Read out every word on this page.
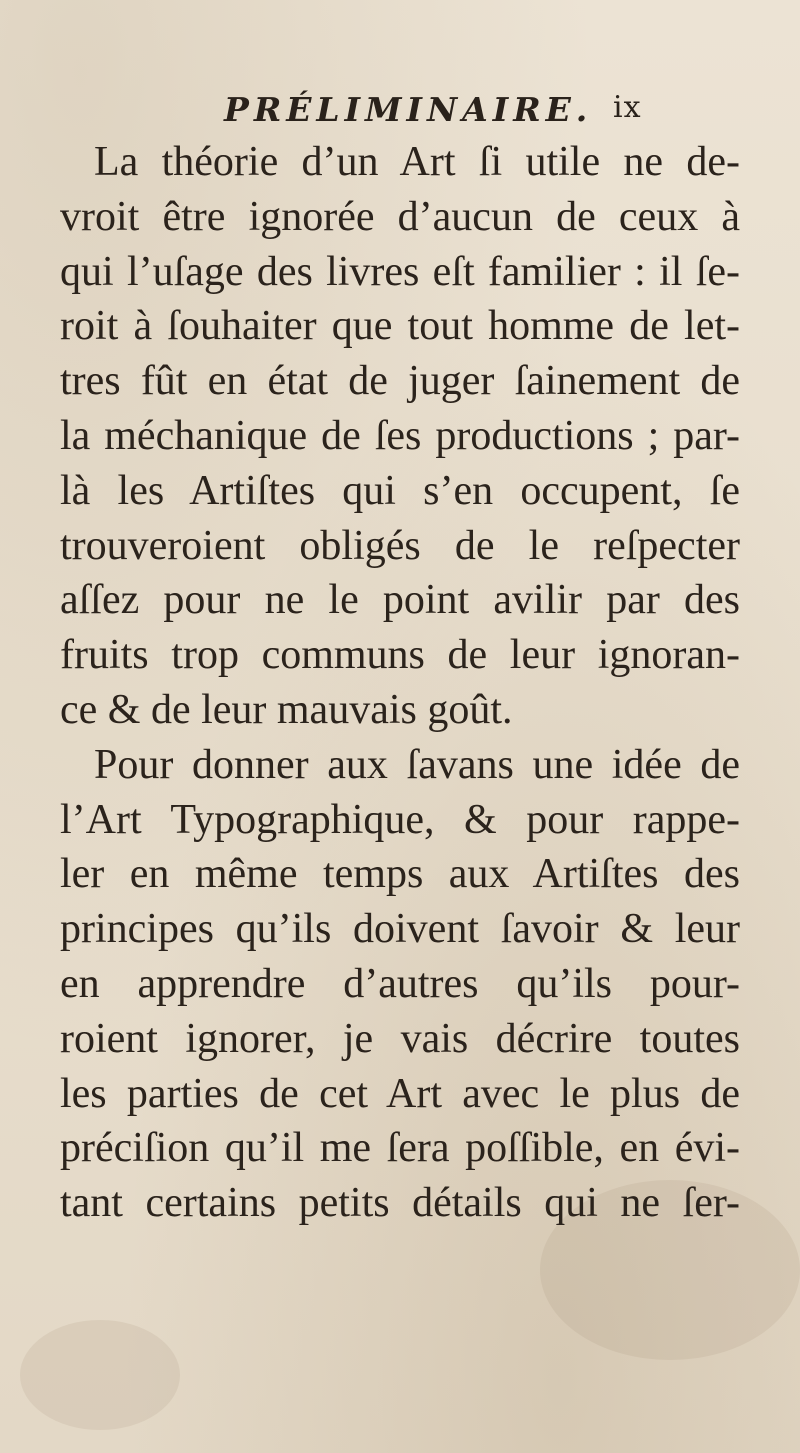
PRÉLIMINAIRE. ix
La théorie d’un Art ſi utile ne de-
vroit être ignorée d’aucun de ceux à
qui l’uſage des livres eſt familier : il ſe-
roit à ſouhaiter que tout homme de let-
tres fût en état de juger ſainement de
la méchanique de ſes productions ; par-
là les Artiſtes qui s’en occupent, ſe
trouveroient obligés de le reſpecter
aſſez pour ne le point avilir par des
fruits trop communs de leur ignoran-
ce & de leur mauvais goût.
Pour donner aux ſavans une idée de
l’Art Typographique, & pour rappe-
ler en même temps aux Artiſtes des
principes qu’ils doivent ſavoir & leur
en apprendre d’autres qu’ils pour-
roient ignorer, je vais décrire toutes
les parties de cet Art avec le plus de
préciſion qu’il me ſera poſſible, en évi-
tant certains petits détails qui ne ſer-
